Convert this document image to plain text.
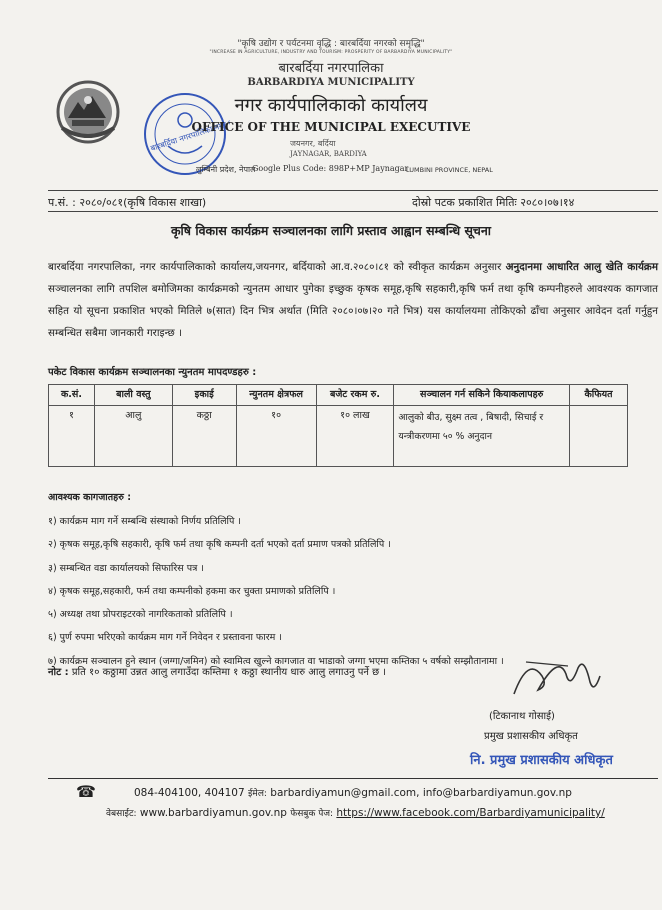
बारबर्दिया नगरपालिका नगर कार्यपालिकाको
"कृषि उद्योग र पर्यटनमा वृद्धि : बारबर्दिया नगरको समृद्धि"
"INCREASE IN AGRICULTURE, INDUSTRY AND TOURISM: PROSPERITY OF BARBARDIYA MUNICIPALITY"
बारबर्दिया नगरपालिका
BARBARDIYA MUNICIPALITY
नगर कार्यपालिकाको कार्यालय
OFFICE OF THE MUNICIPAL EXECUTIVE
जयनगर, बर्दिया
JAYNAGAR, BARDIYA
लुम्बिनी प्रदेश, नेपाल
Google Plus Code: 898P+MP Jaynagar
LUMBINI PROVINCE, NEPAL
प.सं. : २०८०/०८१(कृषि विकास शाखा)	दोस्रो पटक प्रकाशित मितिः २०८०।०७।१४
कृषि विकास कार्यक्रम सञ्चालनका लागि प्रस्ताव आह्वान सम्बन्धि सूचना
बारबर्दिया नगरपालिका, नगर कार्यपालिकाको कार्यालय,जयनगर, बर्दियाको आ.व.२०८०।८१ को स्वीकृत कार्यक्रम अनुसार अनुदानमा आधारित आलु खेति कार्यक्रम सञ्चालनका लागि तपशिल बमोजिमका कार्यक्रमको न्युनतम आधार पुगेका इच्छुक कृषक समूह,कृषि सहकारी,कृषि फर्म तथा कृषि कम्पनीहरुले आवश्यक कागजात सहित यो सूचना प्रकाशित भएको मितिले ७(सात) दिन भित्र अर्थात (मिति २०८०।०७।२० गते भित्र) यस कार्यालयमा तोकिएको ढाँचा अनुसार आवेदन दर्ता गर्नुहुन सम्बन्धित सबैमा जानकारी गराइन्छ ।
पकेट विकास कार्यक्रम सञ्चालनका न्युनतम मापदण्डहरु :
क.सं.	बाली वस्तु	इकाई	न्युनतम क्षेत्रफल	बजेट रकम रु.	सञ्चालन गर्न सकिने कियाकलापहरु	कैफियत
१	आलु	कठ्ठा	१०	१० लाख	आलुको बीउ, सुक्ष्म तत्व , बिषादी, सिचाई र यन्त्रीकरणमा ५० % अनुदान	
आवश्यक कागजातहरु :
१) कार्यक्रम माग गर्ने सम्बन्धि संस्थाको निर्णय प्रतिलिपि ।
२) कृषक समूह,कृषि सहकारी, कृषि फर्म तथा कृषि कम्पनी दर्ता भएको दर्ता प्रमाण पत्रको प्रतिलिपि ।
३) सम्बन्धित वडा कार्यालयको सिफारिस पत्र ।
४) कृषक समूह,सहकारी, फर्म तथा कम्पनीको हकमा कर चुक्ता प्रमाणको प्रतिलिपि ।
५) अध्यक्ष तथा प्रोपराइटरको नागरिकताको प्रतिलिपि ।
६) पुर्ण रुपमा भरिएको कार्यक्रम माग गर्ने निवेदन र प्रस्तावना फारम ।
७) कार्यक्रम सञ्चालन हुने स्थान (जग्गा/जमिन) को स्वामित्व खुल्ने कागजात वा भाडाको जग्गा भएमा कम्तिका ५ वर्षको सम्झौतानामा ।
नोट : प्रति १० कठ्ठामा उन्नत आलु लगाउँदा कम्तिमा १ कठ्ठा स्थानीय धारु आलु लगाउनु पर्ने छ ।
(टिकानाथ गोसाई)
प्रमुख प्रशासकीय अधिकृत
नि. प्रमुख प्रशासकीय अधिकृत
☎	084-404100, 404107 ईमेल: barbardiyamun@gmail.com, info@barbardiyamun.gov.np
वेबसाईट: www.barbardiyamun.gov.np फेसबुक पेज: https://www.facebook.com/Barbardiyamunicipality/
